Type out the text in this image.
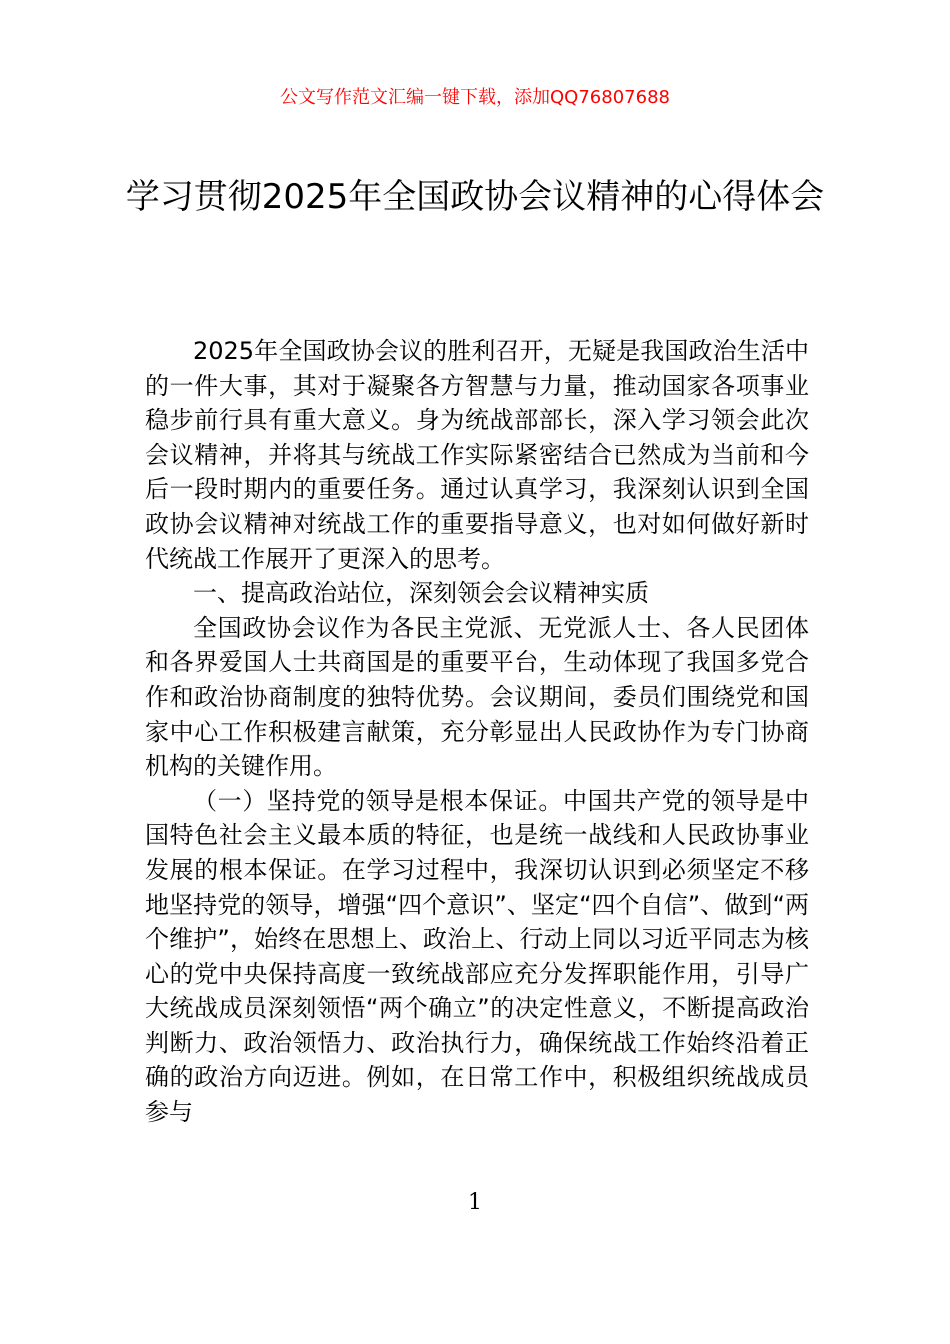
公文写作范文汇编一键下载，添加QQ76807688
学习贯彻2025年全国政协会议精神的心得体会

2025年全国政协会议的胜利召开，无疑是我国政治生活中的一件大事，其对于凝聚各方智慧与力量，推动国家各项事业稳步前行具有重大意义。身为统战部部长，深入学习领会此次会议精神，并将其与统战工作实际紧密结合已然成为当前和今后一段时期内的重要任务。通过认真学习，我深刻认识到全国政协会议精神对统战工作的重要指导意义，也对如何做好新时代统战工作展开了更深入的思考。

一、提高政治站位，深刻领会会议精神实质

全国政协会议作为各民主党派、无党派人士、各人民团体和各界爱国人士共商国是的重要平台，生动体现了我国多党合作和政治协商制度的独特优势。会议期间，委员们围绕党和国家中心工作积极建言献策，充分彰显出人民政协作为专门协商机构的关键作用。

（一）坚持党的领导是根本保证。中国共产党的领导是中国特色社会主义最本质的特征，也是统一战线和人民政协事业发展的根本保证。在学习过程中，我深切认识到必须坚定不移地坚持党的领导，增强“四个意识”、坚定“四个自信”、做到“两个维护”，始终在思想上、政治上、行动上同以习近平同志为核心的党中央保持高度一致统战部应充分发挥职能作用，引导广大统战成员深刻领悟“两个确立”的决定性意义，不断提高政治判断力、政治领悟力、政治执行力，确保统战工作始终沿着正确的政治方向迈进。例如，在日常工作中，积极组织统战成员参与

1
